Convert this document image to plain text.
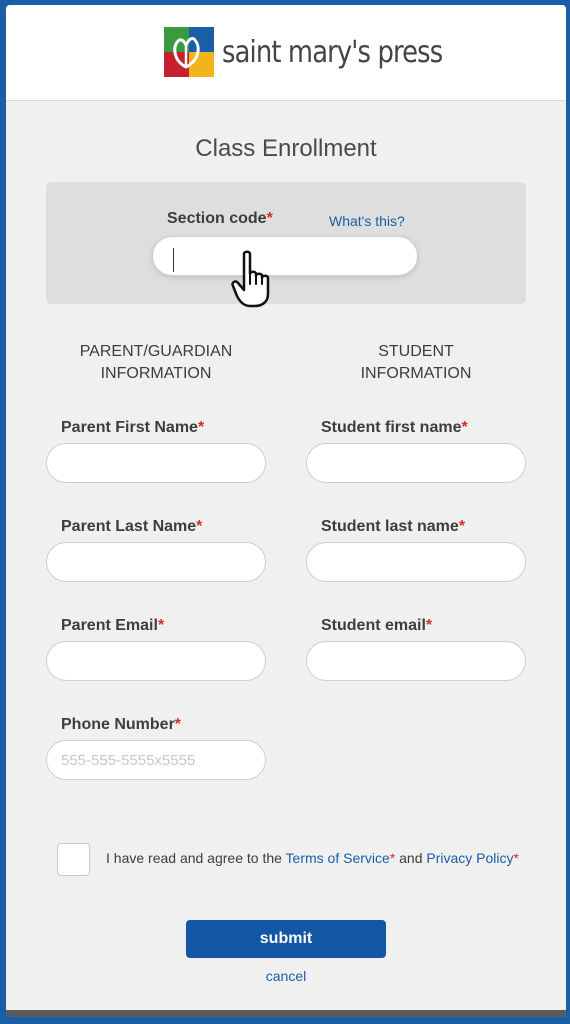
saint mary's press
Class Enrollment
Section code*	What's this?
PARENT/GUARDIAN INFORMATION
STUDENT INFORMATION
Parent First Name*
Parent Last Name*
Parent Email*
Phone Number*
555-555-5555x5555
Student first name*
Student last name*
Student email*
I have read and agree to the Terms of Service* and Privacy Policy*
submit
cancel
